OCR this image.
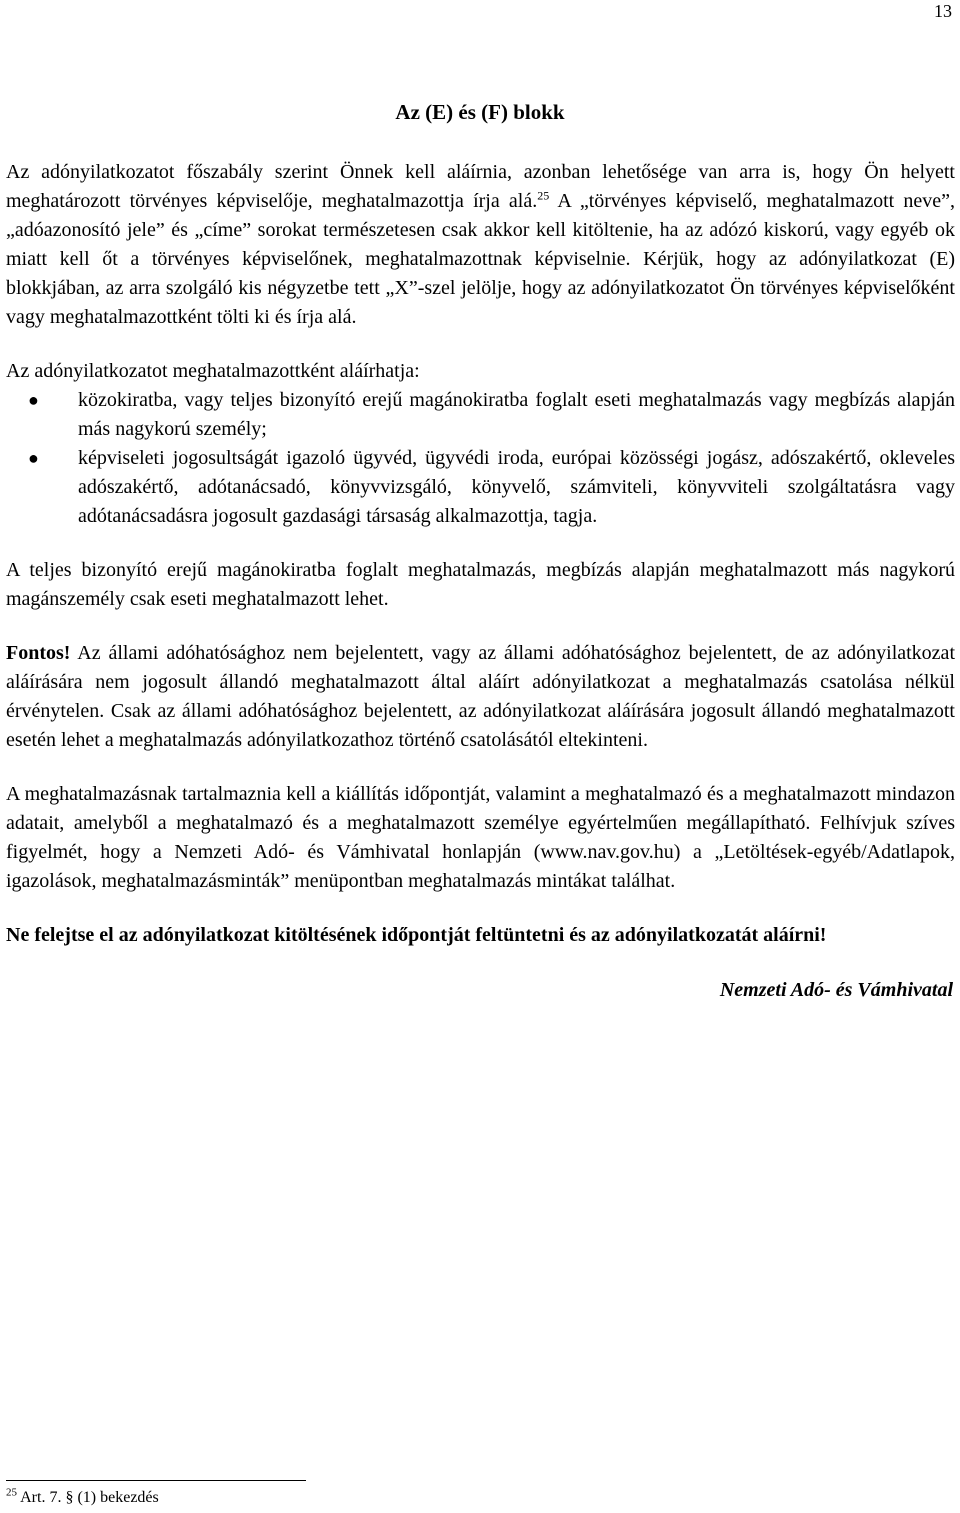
13
Az (E) és (F) blokk

Az adónyilatkozatot főszabály szerint Önnek kell aláírnia, azonban lehetősége van arra is, hogy Ön helyett meghatározott törvényes képviselője, meghatalmazottja írja alá.$^{25}$ A „törvényes képviselő, meghatalmazott neve”, „adóazonosító jele” és „címe” sorokat természetesen csak akkor kell kitöltenie, ha az adózó kiskorú, vagy egyéb ok miatt kell őt a törvényes képviselőnek, meghatalmazottnak képviselnie. Kérjük, hogy az adónyilatkozat (E) blokkjában, az arra szolgáló kis négyzetbe tett „X”-szel jelölje, hogy az adónyilatkozatot Ön törvényes képviselőként vagy meghatalmazottként tölti ki és írja alá.

Az adónyilatkozatot meghatalmazottként aláírhatja:

● közokiratba, vagy teljes bizonyító erejű magánokiratba foglalt eseti meghatalmazás vagy megbízás alapján más nagykorú személy;
● képviseleti jogosultságát igazoló ügyvéd, ügyvédi iroda, európai közösségi jogász, adószakértő, okleveles adószakértő, adótanácsadó, könyvvizsgáló, könyvelő, számviteli, könyvviteli szolgáltatásra vagy adótanácsadásra jogosult gazdasági társaság alkalmazottja, tagja.

A teljes bizonyító erejű magánokiratba foglalt meghatalmazás, megbízás alapján meghatalmazott más nagykorú magánszemély csak eseti meghatalmazott lehet.

Fontos! Az állami adóhatósághoz nem bejelentett, vagy az állami adóhatósághoz bejelentett, de az adónyilatkozat aláírására nem jogosult állandó meghatalmazott által aláírt adónyilatkozat a meghatalmazás csatolása nélkül érvénytelen. Csak az állami adóhatósághoz bejelentett, az adónyilatkozat aláírására jogosult állandó meghatalmazott esetén lehet a meghatalmazás adónyilatkozathoz történő csatolásától eltekinteni.

A meghatalmazásnak tartalmaznia kell a kiállítás időpontját, valamint a meghatalmazó és a meghatalmazott mindazon adatait, amelyből a meghatalmazó és a meghatalmazott személye egyértelműen megállapítható. Felhívjuk szíves figyelmét, hogy a Nemzeti Adó- és Vámhivatal honlapján (www.nav.gov.hu) a „Letöltések-egyéb/Adatlapok, igazolások, meghatalmazásminták” menüpontban meghatalmazás mintákat találhat.

Ne felejtse el az adónyilatkozat kitöltésének időpontját feltüntetni és az adónyilatkozatát aláírni!

Nemzeti Adó- és Vámhivatal
$^{25}$ Art. 7. § (1) bekezdés
